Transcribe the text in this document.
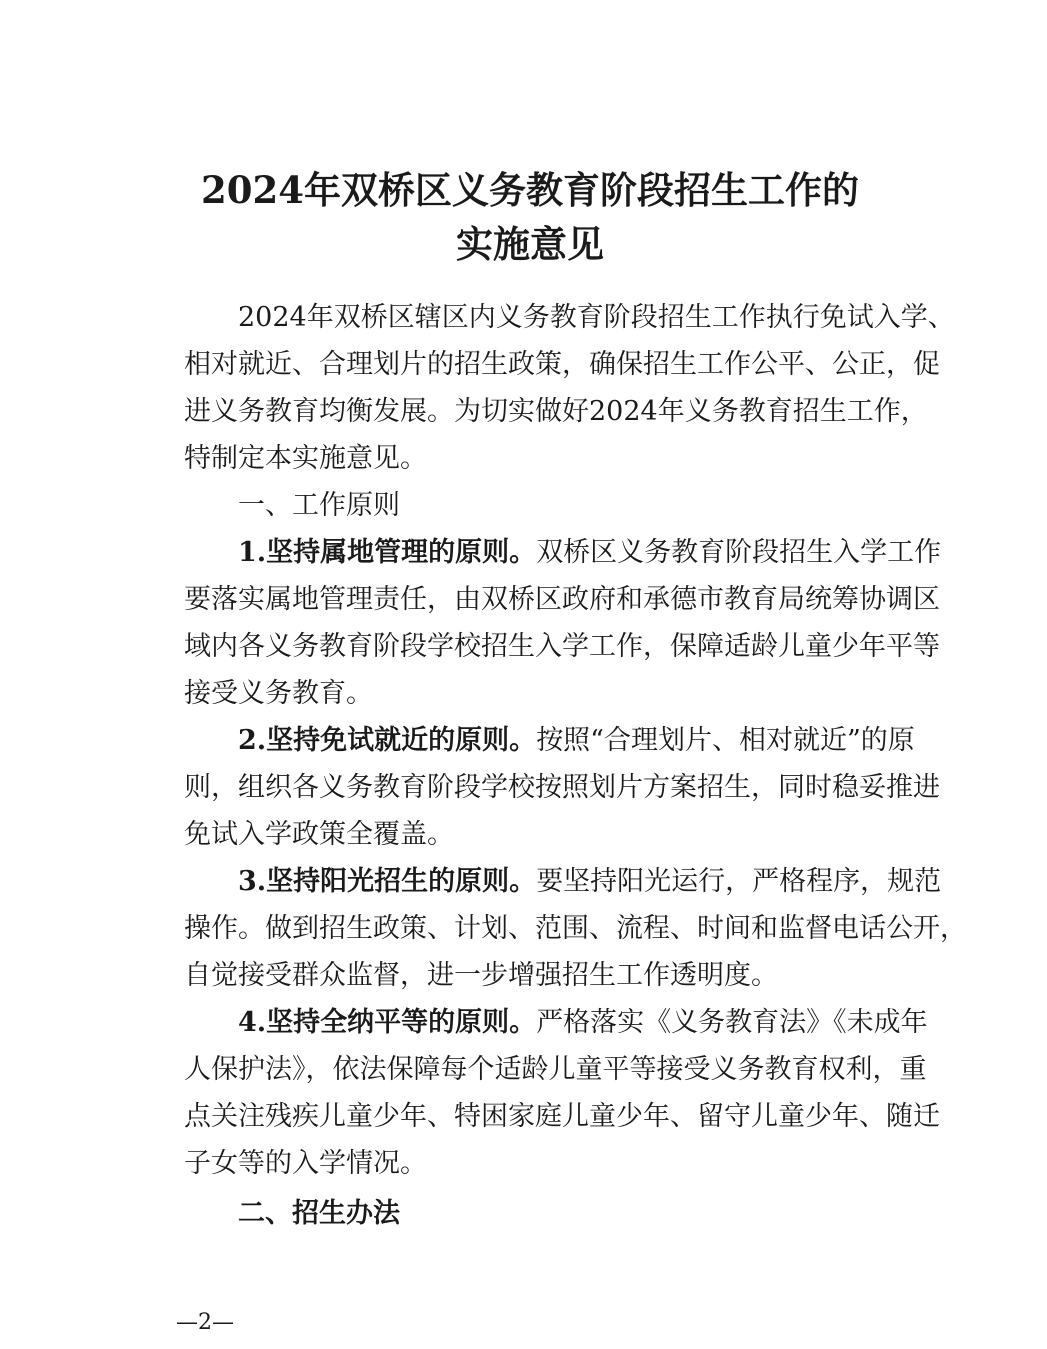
2024年双桥区义务教育阶段招生工作的
实施意见
2024年双桥区辖区内义务教育阶段招生工作执行免试入学、
相对就近、合理划片的招生政策，确保招生工作公平、公正，促
进义务教育均衡发展。为切实做好2024年义务教育招生工作，
特制定本实施意见。
一、工作原则
1.坚持属地管理的原则。双桥区义务教育阶段招生入学工作
要落实属地管理责任，由双桥区政府和承德市教育局统筹协调区
域内各义务教育阶段学校招生入学工作，保障适龄儿童少年平等
接受义务教育。
2.坚持免试就近的原则。按照“合理划片、相对就近”的原
则，组织各义务教育阶段学校按照划片方案招生，同时稳妥推进
免试入学政策全覆盖。
3.坚持阳光招生的原则。要坚持阳光运行，严格程序，规范
操作。做到招生政策、计划、范围、流程、时间和监督电话公开，
自觉接受群众监督，进一步增强招生工作透明度。
4.坚持全纳平等的原则。严格落实《义务教育法》《未成年
人保护法》，依法保障每个适龄儿童平等接受义务教育权利，重
点关注残疾儿童少年、特困家庭儿童少年、留守儿童少年、随迁
子女等的入学情况。
二、招生办法
—2—
